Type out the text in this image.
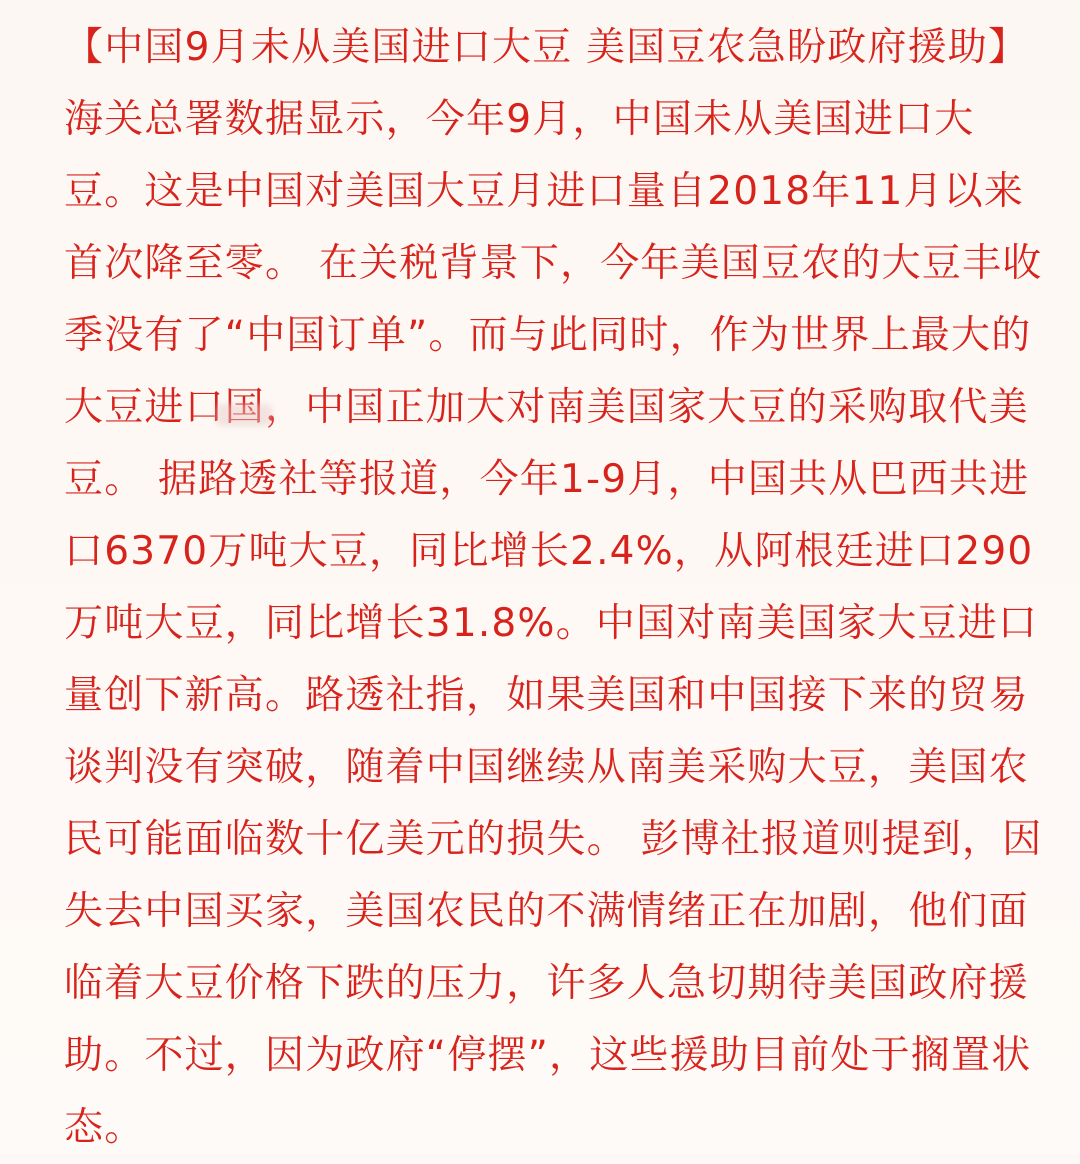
【中国9月未从美国进口大豆 美国豆农急盼政府援助】海关总署数据显示，今年9月，中国未从美国进口大豆。这是中国对美国大豆月进口量自2018年11月以来首次降至零。 在关税背景下，今年美国豆农的大豆丰收季没有了“中国订单”。而与此同时，作为世界上最大的大豆进口国，中国正加大对南美国家大豆的采购取代美豆。 据路透社等报道，今年1-9月，中国共从巴西共进口6370万吨大豆，同比增长2.4%，从阿根廷进口290万吨大豆，同比增长31.8%。中国对南美国家大豆进口量创下新高。路透社指，如果美国和中国接下来的贸易谈判没有突破，随着中国继续从南美采购大豆，美国农民可能面临数十亿美元的损失。 彭博社报道则提到，因失去中国买家，美国农民的不满情绪正在加剧，他们面临着大豆价格下跌的压力，许多人急切期待美国政府援助。不过，因为政府“停摆”，这些援助目前处于搁置状态。
